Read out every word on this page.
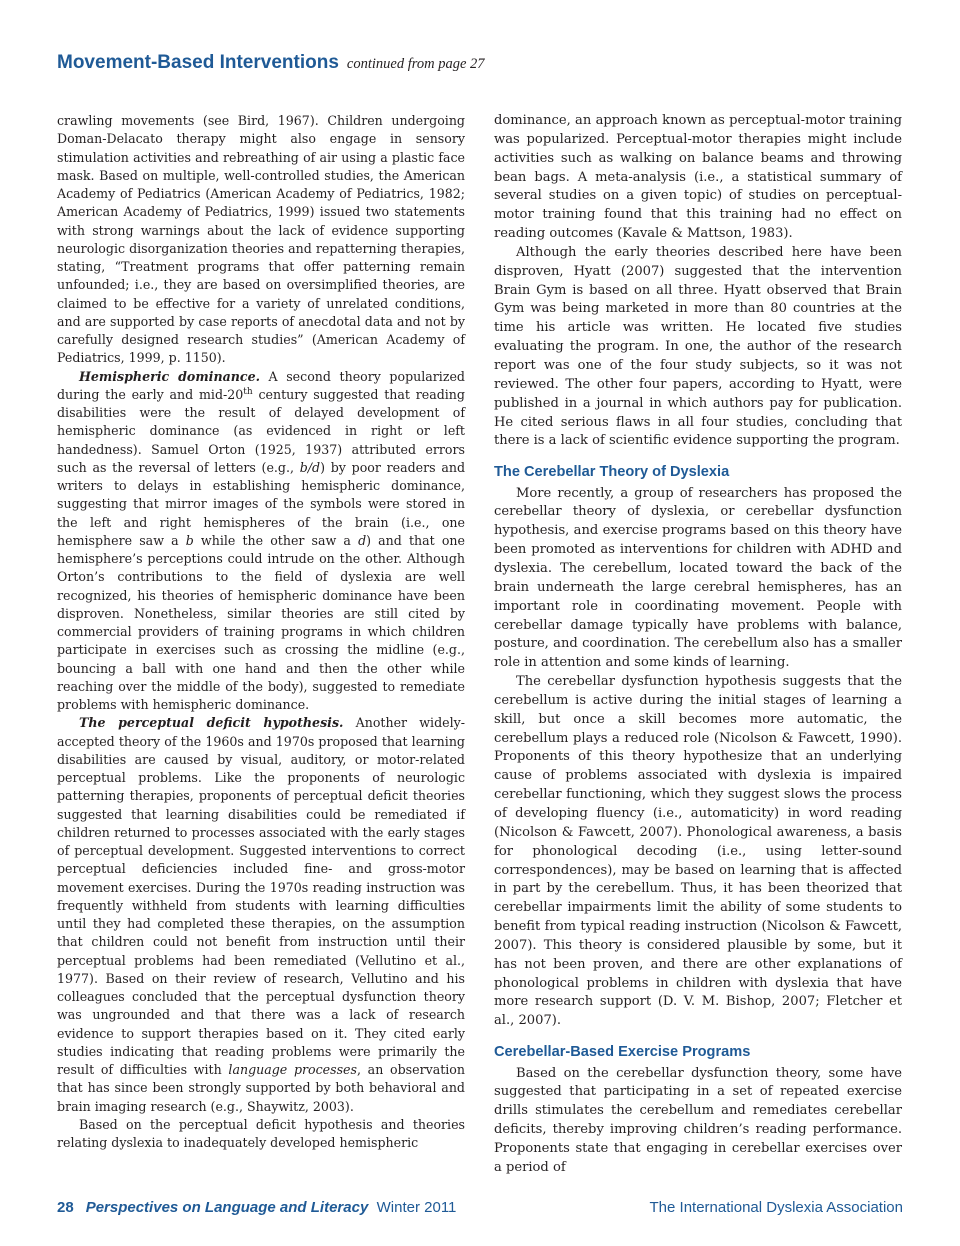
Movement-Based Interventions continued from page 27

crawling movements (see Bird, 1967). Children undergoing Doman-Delacato therapy might also engage in sensory stimulation activities and rebreathing of air using a plastic face mask. Based on multiple, well-controlled studies, the American Academy of Pediatrics (American Academy of Pediatrics, 1982; American Academy of Pediatrics, 1999) issued two statements with strong warnings about the lack of evidence supporting neurologic disorganization theories and repatterning therapies, stating, “Treatment programs that offer patterning remain unfounded; i.e., they are based on oversimplified theories, are claimed to be effective for a variety of unrelated conditions, and are supported by case reports of anecdotal data and not by carefully designed research studies” (American Academy of Pediatrics, 1999, p. 1150).

Hemispheric dominance. A second theory popularized during the early and mid-20th century suggested that reading disabilities were the result of delayed development of hemispheric dominance (as evidenced in right or left handedness). Samuel Orton (1925, 1937) attributed errors such as the reversal of letters (e.g., b/d) by poor readers and writers to delays in establishing hemispheric dominance, suggesting that mirror images of the symbols were stored in the left and right hemispheres of the brain (i.e., one hemisphere saw a b while the other saw a d) and that one hemisphere’s perceptions could intrude on the other. Although Orton’s contributions to the field of dyslexia are well recognized, his theories of hemispheric dominance have been disproven. Nonetheless, similar theories are still cited by commercial providers of training programs in which children participate in exercises such as crossing the midline (e.g., bouncing a ball with one hand and then the other while reaching over the middle of the body), suggested to remediate problems with hemispheric dominance.

The perceptual deficit hypothesis. Another widely-accepted theory of the 1960s and 1970s proposed that learning disabilities are caused by visual, auditory, or motor-related perceptual problems. Like the proponents of neurologic patterning therapies, proponents of perceptual deficit theories suggested that learning disabilities could be remediated if children returned to processes associated with the early stages of perceptual development. Suggested interventions to correct perceptual deficiencies included fine- and gross-motor movement exercises. During the 1970s reading instruction was frequently withheld from students with learning difficulties until they had completed these therapies, on the assumption that children could not benefit from instruction until their perceptual problems had been remediated (Vellutino et al., 1977). Based on their review of research, Vellutino and his colleagues concluded that the perceptual dysfunction theory was ungrounded and that there was a lack of research evidence to support therapies based on it. They cited early studies indicating that reading problems were primarily the result of difficulties with language processes, an observation that has since been strongly supported by both behavioral and brain imaging research (e.g., Shaywitz, 2003).

Based on the perceptual deficit hypothesis and theories relating dyslexia to inadequately developed hemispheric

dominance, an approach known as perceptual-motor training was popularized. Perceptual-motor therapies might include activities such as walking on balance beams and throwing bean bags. A meta-analysis (i.e., a statistical summary of several studies on a given topic) of studies on perceptual-motor training found that this training had no effect on reading outcomes (Kavale & Mattson, 1983).

Although the early theories described here have been disproven, Hyatt (2007) suggested that the intervention Brain Gym is based on all three. Hyatt observed that Brain Gym was being marketed in more than 80 countries at the time his article was written. He located five studies evaluating the program. In one, the author of the research report was one of the four study subjects, so it was not reviewed. The other four papers, according to Hyatt, were published in a journal in which authors pay for publication. He cited serious flaws in all four studies, concluding that there is a lack of scientific evidence supporting the program.

The Cerebellar Theory of Dyslexia

More recently, a group of researchers has proposed the cerebellar theory of dyslexia, or cerebellar dysfunction hypothesis, and exercise programs based on this theory have been promoted as interventions for children with ADHD and dyslexia. The cerebellum, located toward the back of the brain underneath the large cerebral hemispheres, has an important role in coordinating movement. People with cerebellar damage typically have problems with balance, posture, and coordination. The cerebellum also has a smaller role in attention and some kinds of learning.

The cerebellar dysfunction hypothesis suggests that the cerebellum is active during the initial stages of learning a skill, but once a skill becomes more automatic, the cerebellum plays a reduced role (Nicolson & Fawcett, 1990). Proponents of this theory hypothesize that an underlying cause of problems associated with dyslexia is impaired cerebellar functioning, which they suggest slows the process of developing fluency (i.e., automaticity) in word reading (Nicolson & Fawcett, 2007). Phonological awareness, a basis for phonological decoding (i.e., using letter-sound correspondences), may be based on learning that is affected in part by the cerebellum. Thus, it has been theorized that cerebellar impairments limit the ability of some students to benefit from typical reading instruction (Nicolson & Fawcett, 2007). This theory is considered plausible by some, but it has not been proven, and there are other explanations of phonological problems in children with dyslexia that have more research support (D. V. M. Bishop, 2007; Fletcher et al., 2007).

Cerebellar-Based Exercise Programs

Based on the cerebellar dysfunction theory, some have suggested that participating in a set of repeated exercise drills stimulates the cerebellum and remediates cerebellar deficits, thereby improving children’s reading performance. Proponents state that engaging in cerebellar exercises over a period of

28 Perspectives on Language and Literacy Winter 2011	The International Dyslexia Association
